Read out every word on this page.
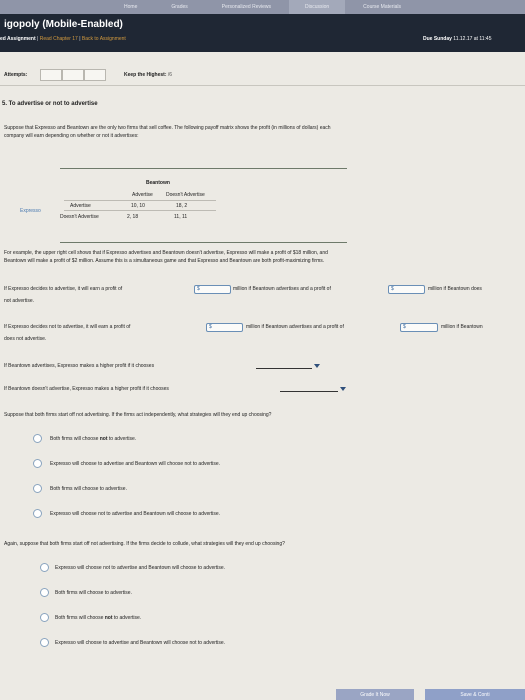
Home	Grades	Personalized Reviews	Discussion	Course Materials
igopoly (Mobile-Enabled)
ed Assignment | Read Chapter 17 | Back to Assignment	Due Sunday 11.12.17 at 11:45
Attempts:	Keep the Highest: /6
5. To advertise or not to advertise
Suppose that Expresso and Beantown are the only two firms that sell coffee. The following payoff matrix shows the profit (in millions of dollars) each
company will earn depending on whether or not it advertises:
Beantown
Advertise	Doesn't Advertise
Advertise	10, 10	18, 2
Expresso
Doesn't Advertise	2, 18	11, 11
For example, the upper right cell shows that if Expresso advertises and Beantown doesn't advertise, Expresso will make a profit of $18 million, and
Beantown will make a profit of $2 million. Assume this is a simultaneous game and that Expresso and Beantown are both profit-maximizing firms.
If Expresso decides to advertise, it will earn a profit of	$	million if Beantown advertises and a profit of	$	million if Beantown does
not advertise.
If Expresso decides not to advertise, it will earn a profit of	$	million if Beantown advertises and a profit of	$	million if Beantown
does not advertise.
If Beantown advertises, Expresso makes a higher profit if it chooses
If Beantown doesn't advertise, Expresso makes a higher profit if it chooses
Suppose that both firms start off not advertising. If the firms act independently, what strategies will they end up choosing?
Both firms will choose not to advertise.
Expresso will choose to advertise and Beantown will choose not to advertise.
Both firms will choose to advertise.
Expresso will choose not to advertise and Beantown will choose to advertise.
Again, suppose that both firms start off not advertising. If the firms decide to collude, what strategies will they end up choosing?
Expresso will choose not to advertise and Beantown will choose to advertise.
Both firms will choose to advertise.
Both firms will choose not to advertise.
Expresso will choose to advertise and Beantown will choose not to advertise.
Grade It Now	Save & Conti
